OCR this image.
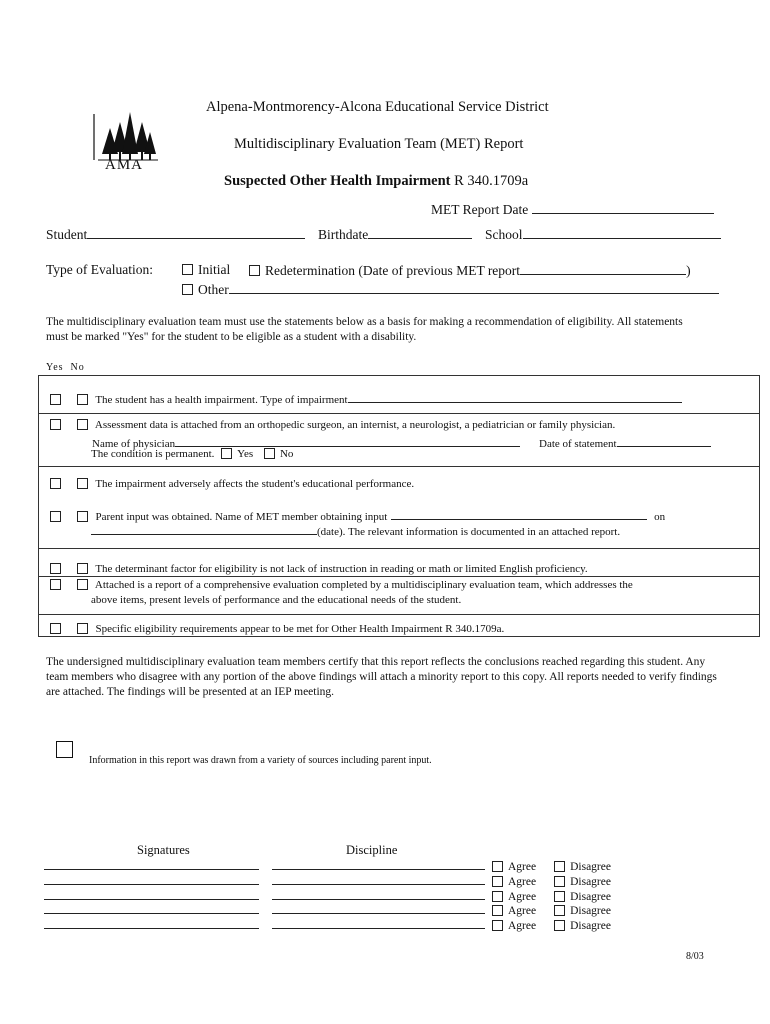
AMA
Alpena-Montmorency-Alcona Educational Service District
Multidisciplinary Evaluation Team (MET) Report
Suspected Other Health Impairment R 340.1709a
MET Report Date
Student	Birthdate	School
Type of Evaluation:	Initial	Redetermination (Date of previous MET report	)
Other
The multidisciplinary evaluation team must use the statements below as a basis for making a recommendation of eligibility. All statements must be marked "Yes" for the student to be eligible as a student with a disability.
Yes  No
The student has a health impairment. Type of impairment
Assessment data is attached from an orthopedic surgeon, an internist, a neurologist, a pediatrician or family physician.
Name of physician	Date of statement
The condition is permanent. Yes No
The impairment adversely affects the student's educational performance.
Parent input was obtained. Name of MET member obtaining input	on
(date). The relevant information is documented in an attached report.
The determinant factor for eligibility is not lack of instruction in reading or math or limited English proficiency.
Attached is a report of a comprehensive evaluation completed by a multidisciplinary evaluation team, which addresses the
above items, present levels of performance and the educational needs of the student.
Specific eligibility requirements appear to be met for Other Health Impairment R 340.1709a.
The undersigned multidisciplinary evaluation team members certify that this report reflects the conclusions reached regarding this student. Any team members who disagree with any portion of the above findings will attach a minority report to this copy. All reports needed to verify findings are attached. The findings will be presented at an IEP meeting.
Information in this report was drawn from a variety of sources including parent input.
Signatures	Discipline
Agree	Disagree
Agree	Disagree
Agree	Disagree
Agree	Disagree
Agree	Disagree
8/03
